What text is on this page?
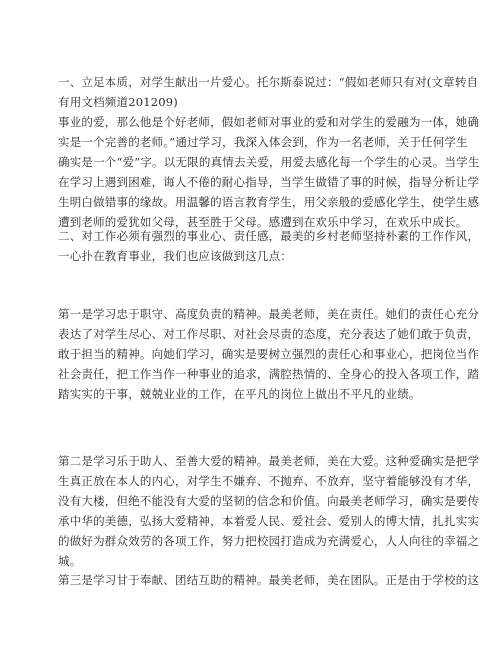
一、立足本质，对学生献出一片爱心。托尔斯泰说过：“假如老师只有对(文章转自
有用文档频道201209)
事业的爱，那么他是个好老师，假如老师对事业的爱和对学生的爱融为一体，她确
实是一个完善的老师。”通过学习，我深入体会到，作为一名老师，关于任何学生
确实是一个“爱”字。以无限的真情去关爱，用爱去感化每一个学生的心灵。当学生
在学习上遇到困难，诲人不倦的耐心指导，当学生做错了事的时候，指导分析让学
生明白做错事的缘故。用温馨的语言教育学生，用父亲般的爱感化学生，使学生感
遭到老师的爱犹如父母，甚至胜于父母。感遭到在欢乐中学习，在欢乐中成长。
二、对工作必须有强烈的事业心、责任感，最美的乡村老师坚持朴素的工作作风，
一心扑在教育事业，我们也应该做到这几点：
第一是学习忠于职守、高度负责的精神。最美老师，美在责任。她们的责任心充分
表达了对学生尽心、对工作尽职、对社会尽责的态度，充分表达了她们敢于负责，
敢于担当的精神。向她们学习，确实是要树立强烈的责任心和事业心，把岗位当作
社会责任，把工作当作一种事业的追求，满腔热情的、全身心的投入各项工作，踏
踏实实的干事，兢兢业业的工作，在平凡的岗位上做出不平凡的业绩。
第二是学习乐于助人、至善大爱的精神。最美老师，美在大爱。这种爱确实是把学
生真正放在本人的内心，对学生不嫌弃、不抛弃、不放弃，坚守着能够没有才华，
没有大楼，但绝不能没有大爱的坚韧的信念和价值。向最美老师学习，确实是要传
承中华的美德，弘扬大爱精神，本着爱人民、爱社会、爱别人的博大情，扎扎实实
的做好为群众效劳的各项工作，努力把校园打造成为充满爱心，人人向往的幸福之
城。
第三是学习甘于奉献、团结互助的精神。最美老师，美在团队。正是由于学校的这
